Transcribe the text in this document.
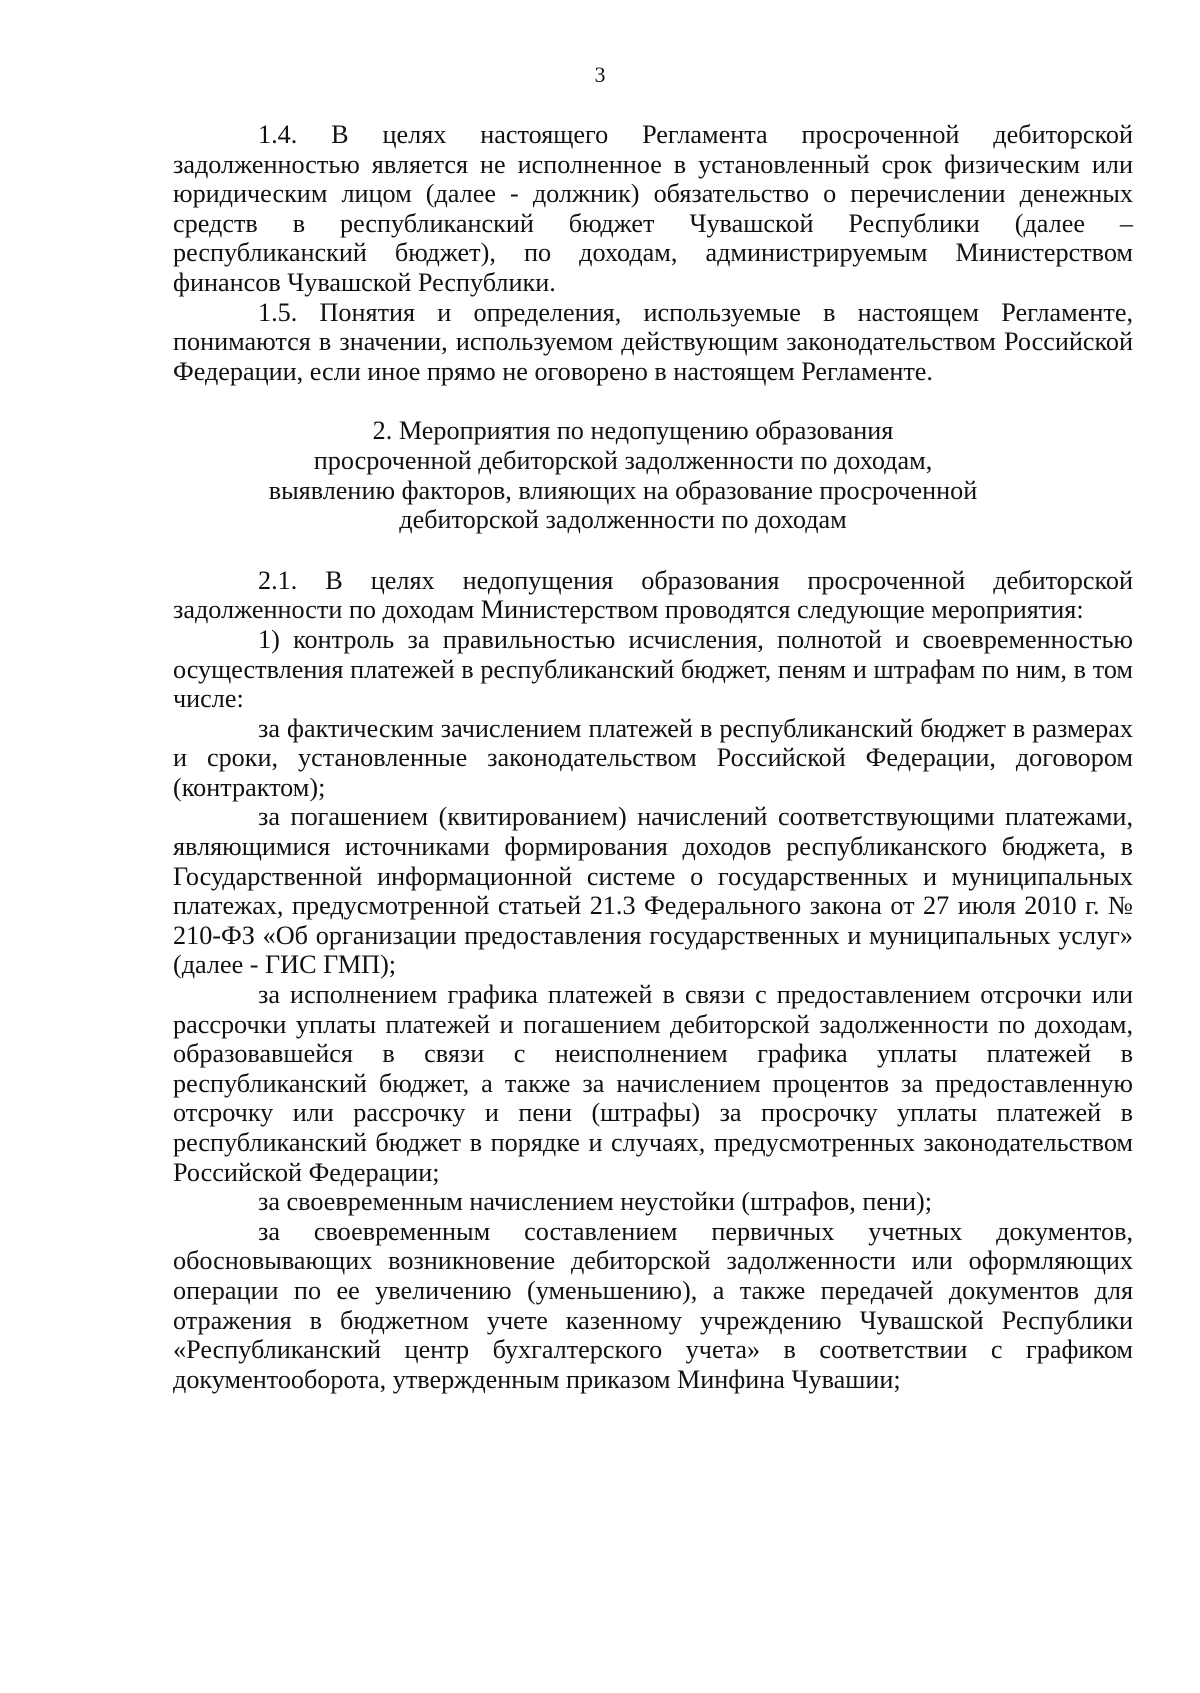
3

1.4. В целях настоящего Регламента просроченной дебиторской задолженностью является не исполненное в установленный срок физическим или юридическим лицом (далее - должник) обязательство о перечислении денежных средств в республиканский бюджет Чувашской Республики (далее – республиканский бюджет), по доходам, администрируемым Министерством финансов Чувашской Республики.

1.5. Понятия и определения, используемые в настоящем Регламенте, понимаются в значении, используемом действующим законодательством Российской Федерации, если иное прямо не оговорено в настоящем Регламенте.

2. Мероприятия по недопущению образования
просроченной дебиторской задолженности по доходам,
выявлению факторов, влияющих на образование просроченной
дебиторской задолженности по доходам

2.1. В целях недопущения образования просроченной дебиторской задолженности по доходам Министерством проводятся следующие мероприятия:

1) контроль за правильностью исчисления, полнотой и своевременностью осуществления платежей в республиканский бюджет, пеням и штрафам по ним, в том числе:

за фактическим зачислением платежей в республиканский бюджет в размерах и сроки, установленные законодательством Российской Федерации, договором (контрактом);

за погашением (квитированием) начислений соответствующими платежами, являющимися источниками формирования доходов республиканского бюджета, в Государственной информационной системе о государственных и муниципальных платежах, предусмотренной статьей 21.3 Федерального закона от 27 июля 2010 г. № 210-ФЗ «Об организации предоставления государственных и муниципальных услуг» (далее - ГИС ГМП);

за исполнением графика платежей в связи с предоставлением отсрочки или рассрочки уплаты платежей и погашением дебиторской задолженности по доходам, образовавшейся в связи с неисполнением графика уплаты платежей в республиканский бюджет, а также за начислением процентов за предоставленную отсрочку или рассрочку и пени (штрафы) за просрочку уплаты платежей в республиканский бюджет в порядке и случаях, предусмотренных законодательством Российской Федерации;

за своевременным начислением неустойки (штрафов, пени);

за своевременным составлением первичных учетных документов, обосновывающих возникновение дебиторской задолженности или оформляющих операции по ее увеличению (уменьшению), а также передачей документов для отражения в бюджетном учете казенному учреждению Чувашской Республики «Республиканский центр бухгалтерского учета» в соответствии с графиком документооборота, утвержденным приказом Минфина Чувашии;
